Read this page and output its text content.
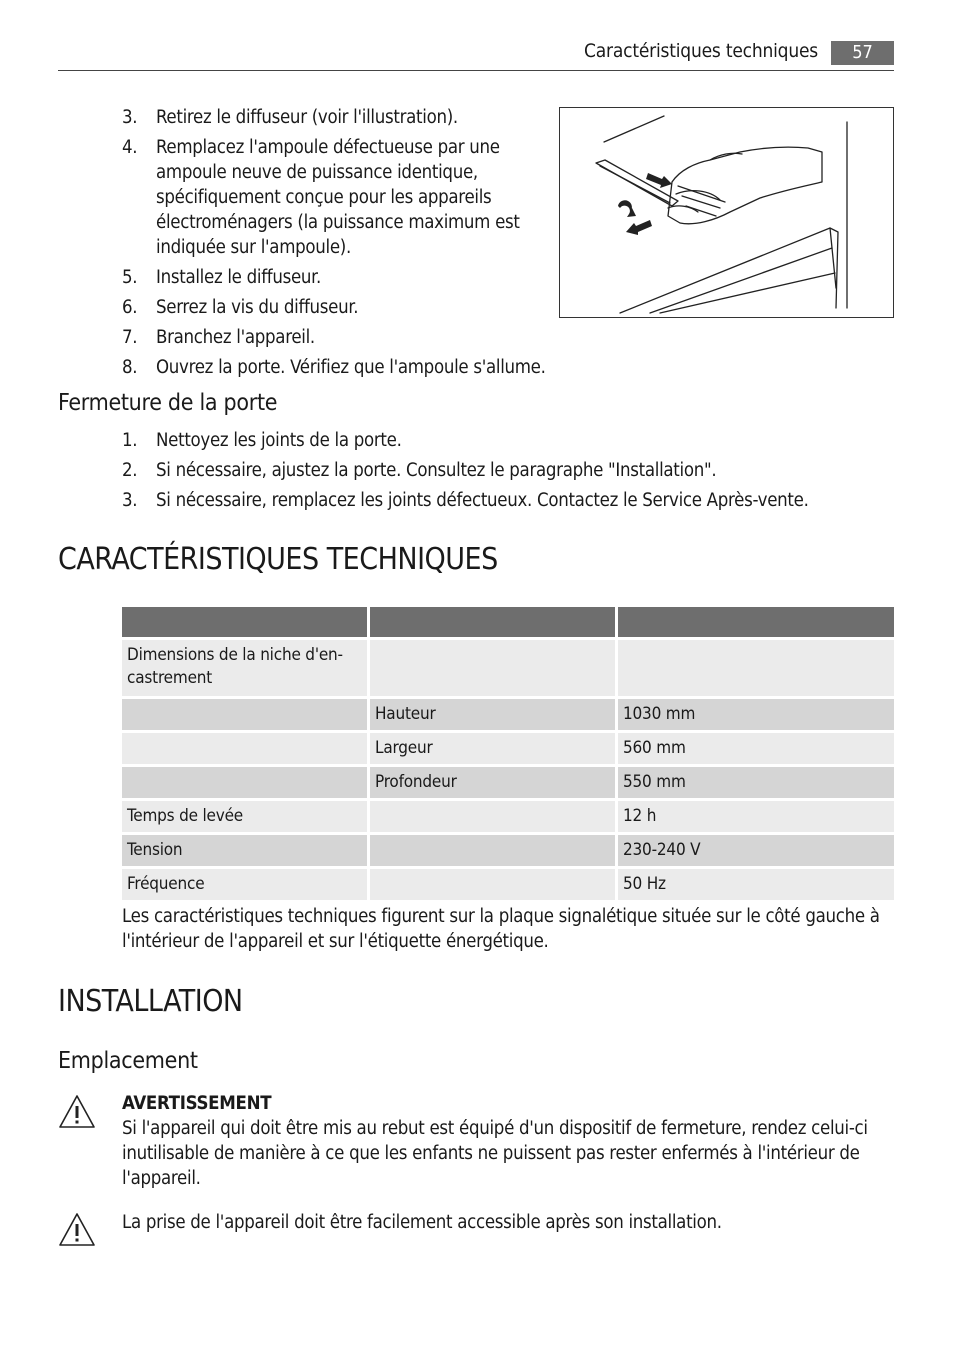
Caractéristiques techniques	57
3. Retirez le diffuseur (voir l'illustration).
4. Remplacez l'ampoule défectueuse par une ampoule neuve de puissance identique, spécifiquement conçue pour les appareils électroménagers (la puissance maximum est indiquée sur l'ampoule).
5. Installez le diffuseur.
6. Serrez la vis du diffuseur.
7. Branchez l'appareil.
8. Ouvrez la porte. Vérifiez que l'ampoule s'allume.
Fermeture de la porte
1. Nettoyez les joints de la porte.
2. Si nécessaire, ajustez la porte. Consultez le paragraphe "Installation".
3. Si nécessaire, remplacez les joints défectueux. Contactez le Service Après-vente.
CARACTÉRISTIQUES TECHNIQUES

Dimensions de la niche d'en-castrement		
	Hauteur	1030 mm
	Largeur	560 mm
	Profondeur	550 mm
Temps de levée		12 h
Tension		230-240 V
Fréquence		50 Hz
Les caractéristiques techniques figurent sur la plaque signalétique située sur le côté gauche à l'intérieur de l'appareil et sur l'étiquette énergétique.
INSTALLATION
Emplacement
AVERTISSEMENT
Si l'appareil qui doit être mis au rebut est équipé d'un dispositif de fermeture, rendez celui-ci inutilisable de manière à ce que les enfants ne puissent pas rester enfermés à l'intérieur de l'appareil.
La prise de l'appareil doit être facilement accessible après son installation.
